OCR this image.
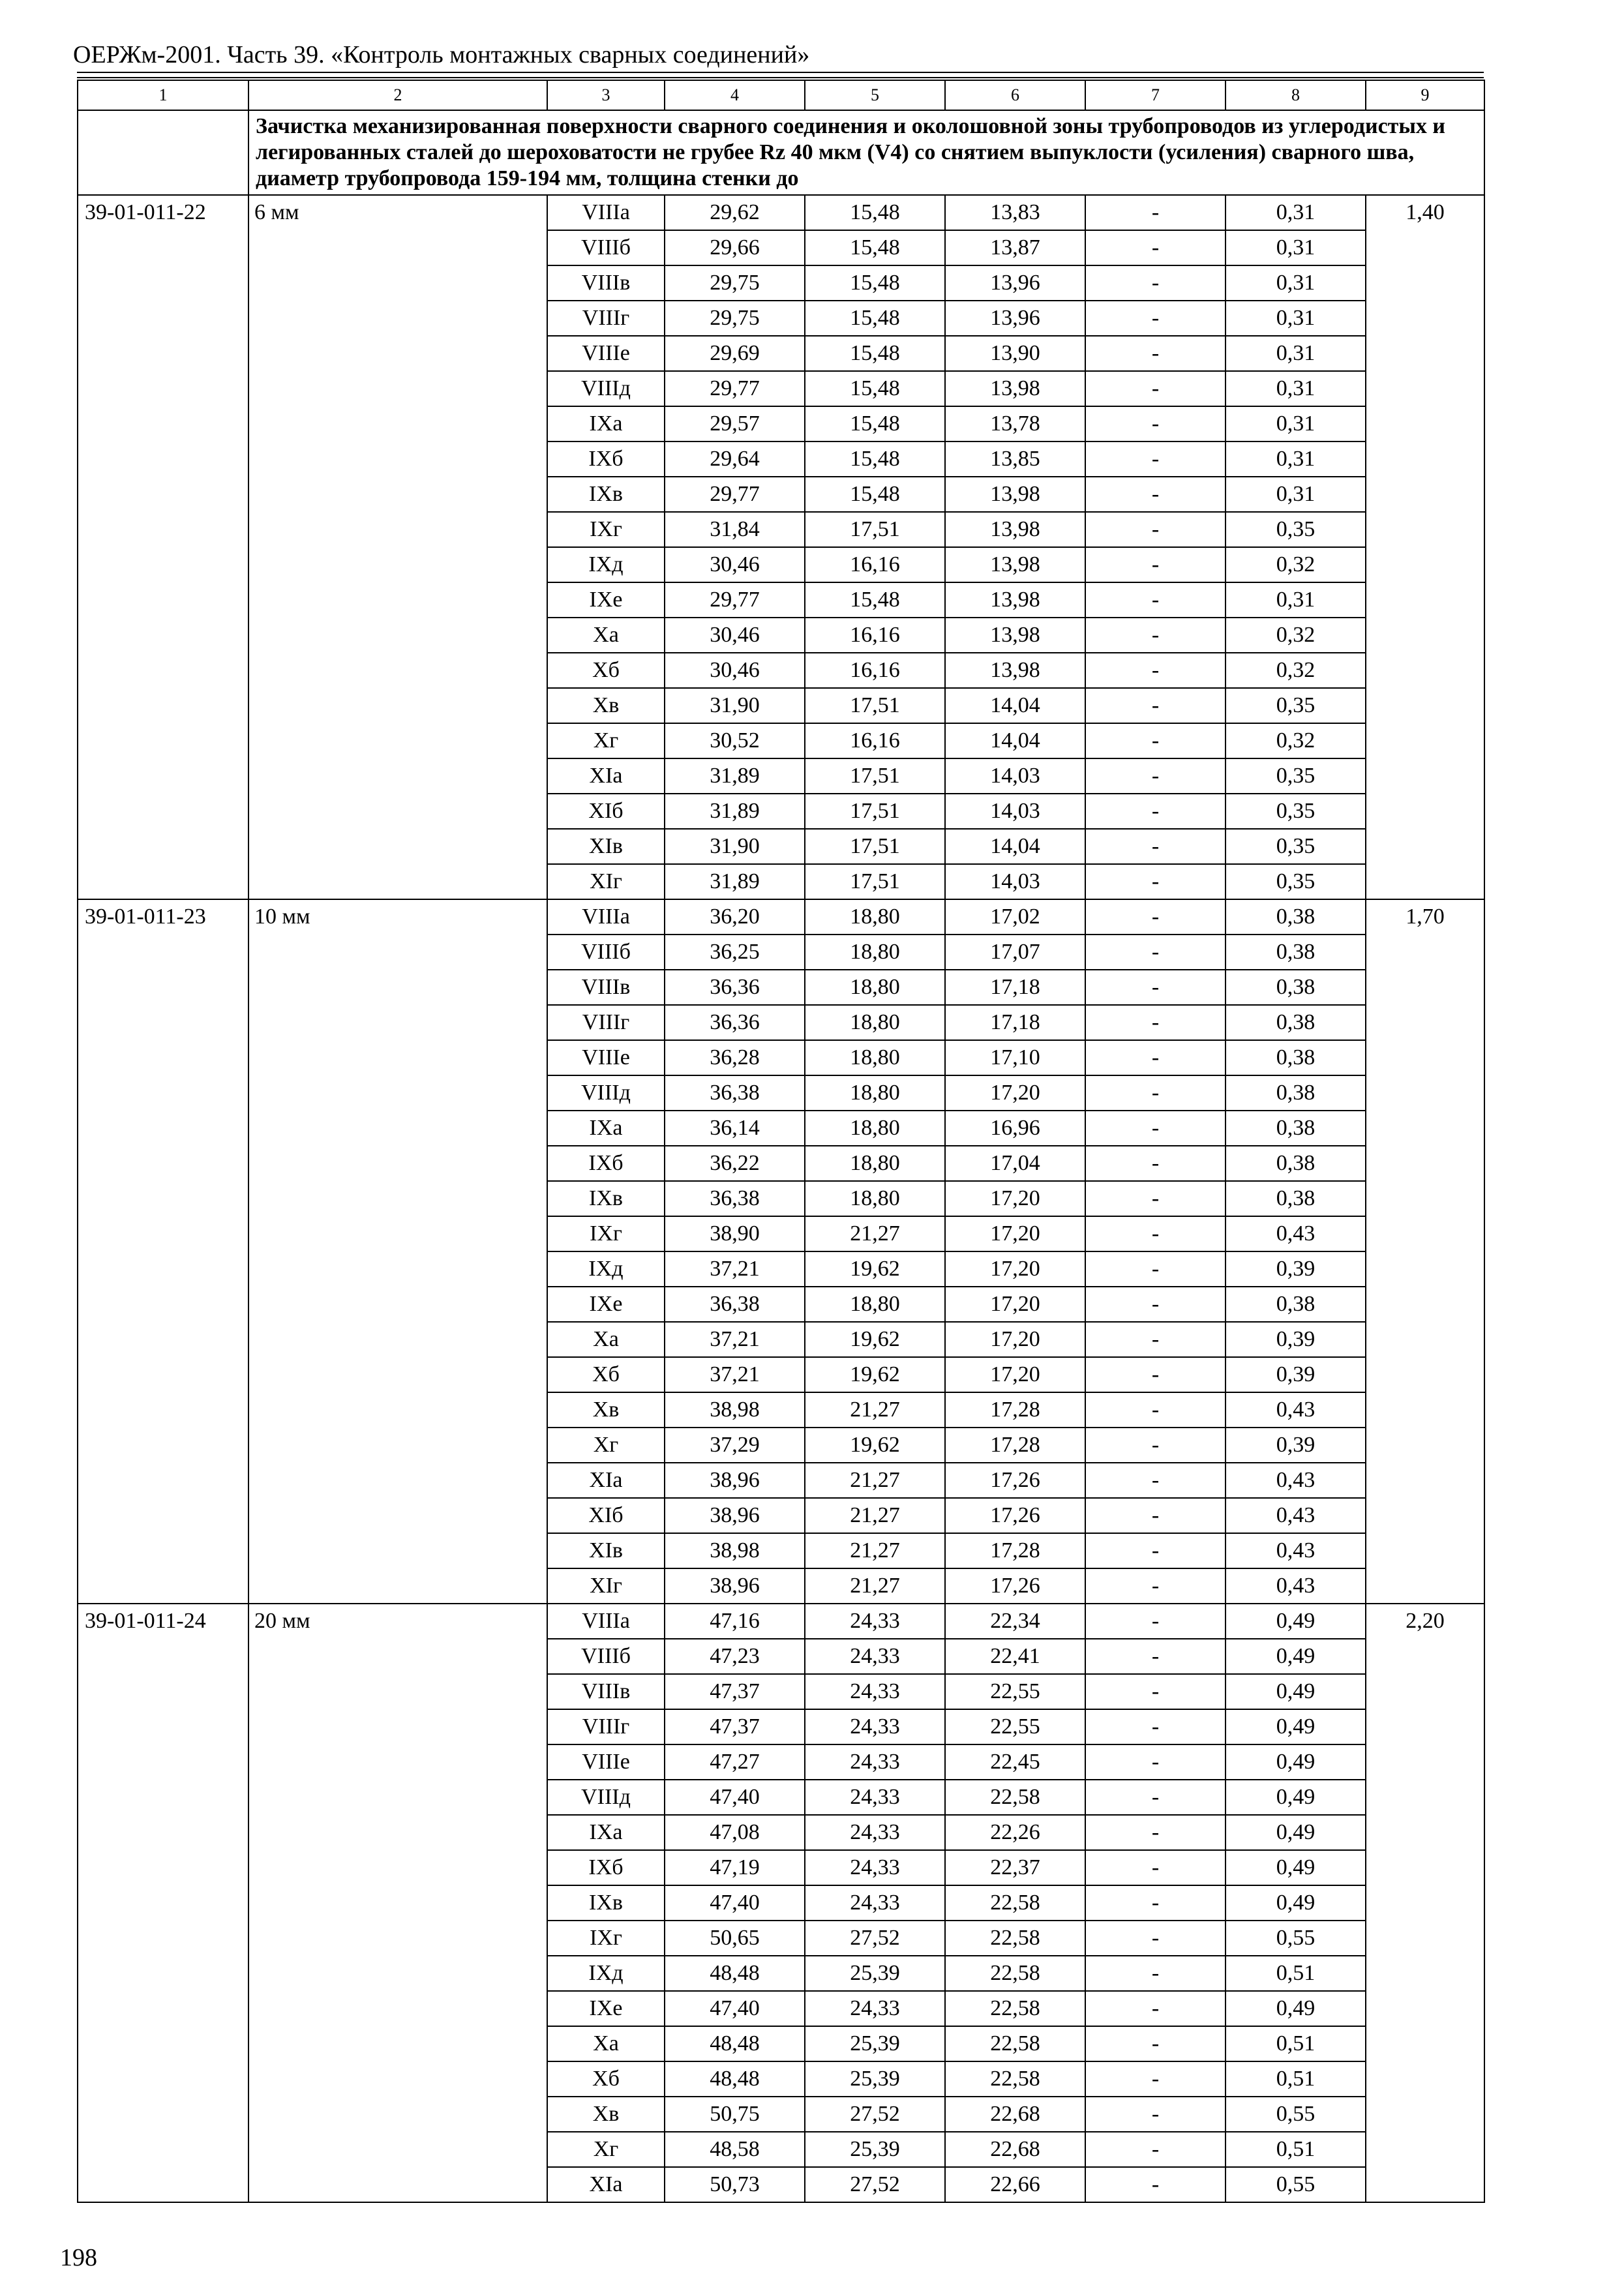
ОЕРЖм-2001. Часть 39. «Контроль монтажных сварных соединений»
1	2	3	4	5	6	7	8	9
	Зачистка механизированная поверхности сварного соединения и околошовной зоны трубопроводов из углеродистых и легированных сталей до шероховатости не грубее Rz 40 мкм (V4) со снятием выпуклости (усиления) сварного шва, диаметр трубопровода 159-194 мм, толщина стенки до							
39-01-011-22	6 мм	VIIIа	29,62	15,48	13,83	-	0,31	1,40
		VIIIб	29,66	15,48	13,87	-	0,31	
		VIIIв	29,75	15,48	13,96	-	0,31	
		VIIIг	29,75	15,48	13,96	-	0,31	
		VIIIе	29,69	15,48	13,90	-	0,31	
		VIIIд	29,77	15,48	13,98	-	0,31	
		IXа	29,57	15,48	13,78	-	0,31	
		IXб	29,64	15,48	13,85	-	0,31	
		IXв	29,77	15,48	13,98	-	0,31	
		IXг	31,84	17,51	13,98	-	0,35	
		IXд	30,46	16,16	13,98	-	0,32	
		IXе	29,77	15,48	13,98	-	0,31	
		Xа	30,46	16,16	13,98	-	0,32	
		Xб	30,46	16,16	13,98	-	0,32	
		Xв	31,90	17,51	14,04	-	0,35	
		Xг	30,52	16,16	14,04	-	0,32	
		XIа	31,89	17,51	14,03	-	0,35	
		XIб	31,89	17,51	14,03	-	0,35	
		XIв	31,90	17,51	14,04	-	0,35	
		XIг	31,89	17,51	14,03	-	0,35	
39-01-011-23	10 мм	VIIIа	36,20	18,80	17,02	-	0,38	1,70
		VIIIб	36,25	18,80	17,07	-	0,38	
		VIIIв	36,36	18,80	17,18	-	0,38	
		VIIIг	36,36	18,80	17,18	-	0,38	
		VIIIе	36,28	18,80	17,10	-	0,38	
		VIIIд	36,38	18,80	17,20	-	0,38	
		IXа	36,14	18,80	16,96	-	0,38	
		IXб	36,22	18,80	17,04	-	0,38	
		IXв	36,38	18,80	17,20	-	0,38	
		IXг	38,90	21,27	17,20	-	0,43	
		IXд	37,21	19,62	17,20	-	0,39	
		IXе	36,38	18,80	17,20	-	0,38	
		Xа	37,21	19,62	17,20	-	0,39	
		Xб	37,21	19,62	17,20	-	0,39	
		Xв	38,98	21,27	17,28	-	0,43	
		Xг	37,29	19,62	17,28	-	0,39	
		XIа	38,96	21,27	17,26	-	0,43	
		XIб	38,96	21,27	17,26	-	0,43	
		XIв	38,98	21,27	17,28	-	0,43	
		XIг	38,96	21,27	17,26	-	0,43	
39-01-011-24	20 мм	VIIIа	47,16	24,33	22,34	-	0,49	2,20
		VIIIб	47,23	24,33	22,41	-	0,49	
		VIIIв	47,37	24,33	22,55	-	0,49	
		VIIIг	47,37	24,33	22,55	-	0,49	
		VIIIе	47,27	24,33	22,45	-	0,49	
		VIIIд	47,40	24,33	22,58	-	0,49	
		IXа	47,08	24,33	22,26	-	0,49	
		IXб	47,19	24,33	22,37	-	0,49	
		IXв	47,40	24,33	22,58	-	0,49	
		IXг	50,65	27,52	22,58	-	0,55	
		IXд	48,48	25,39	22,58	-	0,51	
		IXе	47,40	24,33	22,58	-	0,49	
		Xа	48,48	25,39	22,58	-	0,51	
		Xб	48,48	25,39	22,58	-	0,51	
		Xв	50,75	27,52	22,68	-	0,55	
		Xг	48,58	25,39	22,68	-	0,51	
		XIа	50,73	27,52	22,66	-	0,55	
198
